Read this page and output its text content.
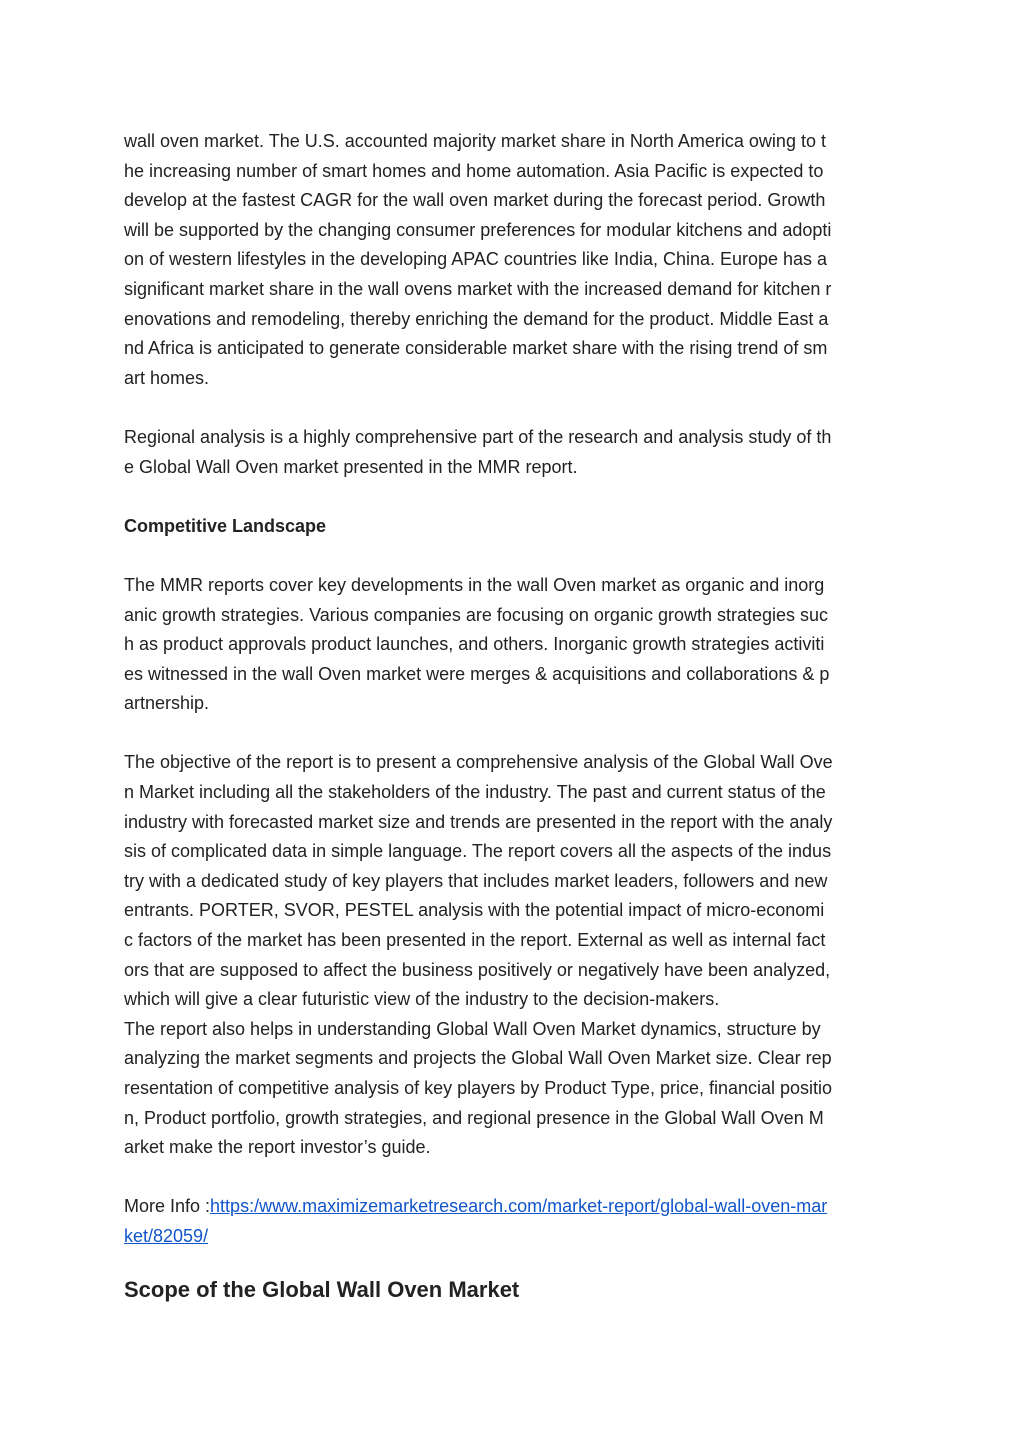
wall oven market. The U.S. accounted majority market share in North America owing to t
he increasing number of smart homes and home automation. Asia Pacific is expected to
develop at the fastest CAGR for the wall oven market during the forecast period. Growth
will be supported by the changing consumer preferences for modular kitchens and adopti
on of western lifestyles in the developing APAC countries like India, China. Europe has a
significant market share in the wall ovens market with the increased demand for kitchen r
enovations and remodeling, thereby enriching the demand for the product. Middle East a
nd Africa is anticipated to generate considerable market share with the rising trend of sm
art homes.

Regional analysis is a highly comprehensive part of the research and analysis study of th
e Global Wall Oven market presented in the MMR report.

Competitive Landscape

The MMR reports cover key developments in the wall Oven market as organic and inorg
anic growth strategies. Various companies are focusing on organic growth strategies suc
h as product approvals product launches, and others. Inorganic growth strategies activiti
es witnessed in the wall Oven market were merges & acquisitions and collaborations & p
artnership.

The objective of the report is to present a comprehensive analysis of the Global Wall Ove
n Market including all the stakeholders of the industry. The past and current status of the
industry with forecasted market size and trends are presented in the report with the analy
sis of complicated data in simple language. The report covers all the aspects of the indus
try with a dedicated study of key players that includes market leaders, followers and new
entrants. PORTER, SVOR, PESTEL analysis with the potential impact of micro-economi
c factors of the market has been presented in the report. External as well as internal fact
ors that are supposed to affect the business positively or negatively have been analyzed,
which will give a clear futuristic view of the industry to the decision-makers.
The report also helps in understanding Global Wall Oven Market dynamics, structure by
analyzing the market segments and projects the Global Wall Oven Market size. Clear rep
resentation of competitive analysis of key players by Product Type, price, financial positio
n, Product portfolio, growth strategies, and regional presence in the Global Wall Oven M
arket make the report investor’s guide.

More Info :https:/www.maximizemarketresearch.com/market-report/global-wall-oven-mar
ket/82059/

Scope of the Global Wall Oven Market
